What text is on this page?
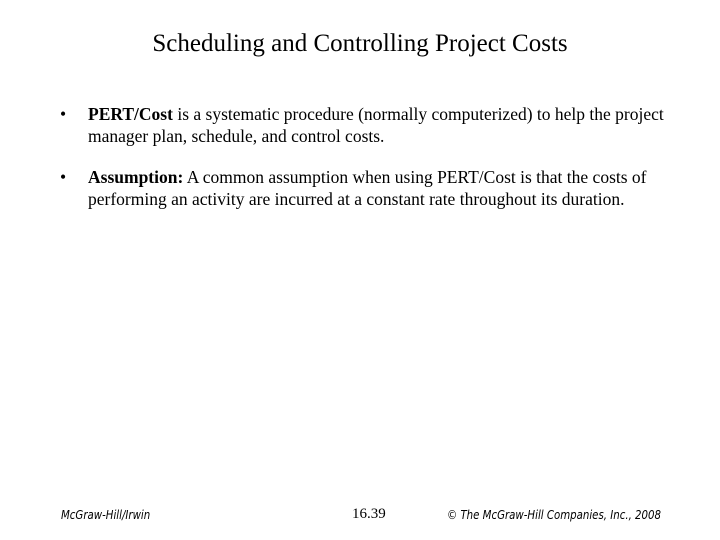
Scheduling and Controlling Project Costs
• PERT/Cost is a systematic procedure (normally computerized) to help the project manager plan, schedule, and control costs.
• Assumption: A common assumption when using PERT/Cost is that the costs of performing an activity are incurred at a constant rate throughout its duration.
McGraw-Hill/Irwin	16.39	© The McGraw-Hill Companies, Inc., 2008
